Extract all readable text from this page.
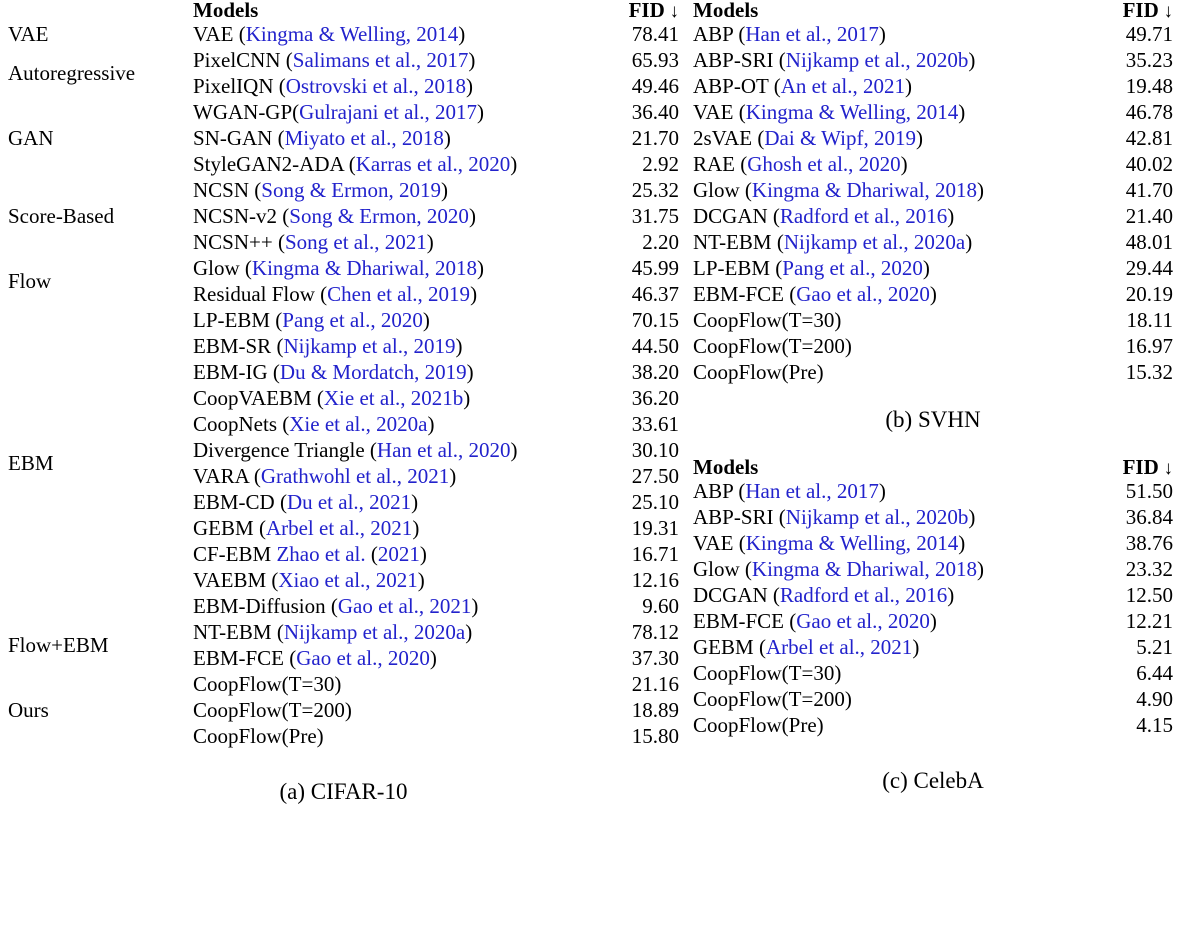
	Models	FID ↓

VAE	VAE (Kingma & Welling, 2014)	78.41

Autoregressive	PixelCNN (Salimans et al., 2017)	65.93
	PixelIQN (Ostrovski et al., 2018)	49.46

GAN	WGAN-GP(Gulrajani et al., 2017)	36.40
	SN-GAN (Miyato et al., 2018)	21.70
	StyleGAN2-ADA (Karras et al., 2020)	2.92

Score-Based	NCSN (Song & Ermon, 2019)	25.32
	NCSN-v2 (Song & Ermon, 2020)	31.75
	NCSN++ (Song et al., 2021)	2.20

Flow	Glow (Kingma & Dhariwal, 2018)	45.99
	Residual Flow (Chen et al., 2019)	46.37

EBM	LP-EBM (Pang et al., 2020)	70.15
	EBM-SR (Nijkamp et al., 2019)	44.50
	EBM-IG (Du & Mordatch, 2019)	38.20
	CoopVAEBM (Xie et al., 2021b)	36.20
	CoopNets (Xie et al., 2020a)	33.61
	Divergence Triangle (Han et al., 2020)	30.10
	VARA (Grathwohl et al., 2021)	27.50
	EBM-CD (Du et al., 2021)	25.10
	GEBM (Arbel et al., 2021)	19.31
	CF-EBM Zhao et al. (2021)	16.71
	VAEBM (Xiao et al., 2021)	12.16
	EBM-Diffusion (Gao et al., 2021)	9.60

Flow+EBM	NT-EBM (Nijkamp et al., 2020a)	78.12
	EBM-FCE (Gao et al., 2020)	37.30

Ours	CoopFlow(T=30)	21.16
	CoopFlow(T=200)	18.89
	CoopFlow(Pre)	15.80

(a) CIFAR-10

Models	FID ↓

ABP (Han et al., 2017)	49.71
ABP-SRI (Nijkamp et al., 2020b)	35.23
ABP-OT (An et al., 2021)	19.48
VAE (Kingma & Welling, 2014)	46.78
2sVAE (Dai & Wipf, 2019)	42.81
RAE (Ghosh et al., 2020)	40.02
Glow (Kingma & Dhariwal, 2018)	41.70
DCGAN (Radford et al., 2016)	21.40
NT-EBM (Nijkamp et al., 2020a)	48.01
LP-EBM (Pang et al., 2020)	29.44
EBM-FCE (Gao et al., 2020)	20.19

CoopFlow(T=30)	18.11
CoopFlow(T=200)	16.97
CoopFlow(Pre)	15.32

(b) SVHN

Models	FID ↓

ABP (Han et al., 2017)	51.50
ABP-SRI (Nijkamp et al., 2020b)	36.84
VAE (Kingma & Welling, 2014)	38.76
Glow (Kingma & Dhariwal, 2018)	23.32
DCGAN (Radford et al., 2016)	12.50
EBM-FCE (Gao et al., 2020)	12.21
GEBM (Arbel et al., 2021)	5.21

CoopFlow(T=30)	6.44
CoopFlow(T=200)	4.90
CoopFlow(Pre)	4.15

(c) CelebA
